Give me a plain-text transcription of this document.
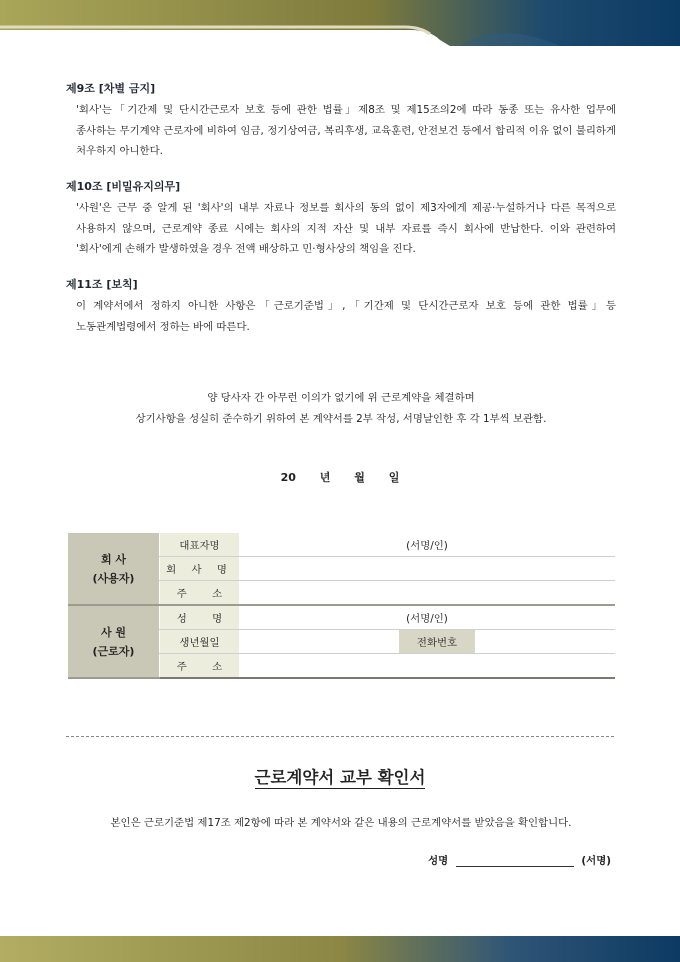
제9조 [차별 금지]

'회사'는「기간제 및 단시간근로자 보호 등에 관한 법률」제8조 및 제15조의2에 따라 동종 또는 유사한 업무에 종사하는 무기계약 근로자에 비하여 임금, 정기상여금, 복리후생, 교육훈련, 안전보건 등에서 합리적 이유 없이 불리하게 처우하지 아니한다.

제10조 [비밀유지의무]

'사원'은 근무 중 알게 된 '회사'의 내부 자료나 정보를 회사의 동의 없이 제3자에게 제공·누설하거나 다른 목적으로 사용하지 않으며, 근로계약 종료 시에는 회사의 지적 자산 및 내부 자료를 즉시 회사에 반납한다. 이와 관련하여 '회사'에게 손해가 발생하였을 경우 전액 배상하고 민·형사상의 책임을 진다.

제11조 [보칙]

이 계약서에서 정하지 아니한 사항은「근로기준법」,「기간제 및 단시간근로자 보호 등에 관한 법률」등 노동관계법령에서 정하는 바에 따른다.

양 당사자 간 아무런 이의가 없기에 위 근로계약을 체결하며
상기사항을 성실히 준수하기 위하여 본 계약서를 2부 작성, 서명날인한 후 각 1부씩 보관함.
20 년 월 일
회 사
(사용자)	대표자명	(서명/인)		
	회 사 명			
	주 소			

사 원
(근로자)	성 명	(서명/인)		
	생년월일		전화번호	
	주 소			
근로계약서 교부 확인서
본인은 근로기준법 제17조 제2항에 따라 본 계약서와 같은 내용의 근로계약서를 받았음을 확인합니다.
성명	(서명)
